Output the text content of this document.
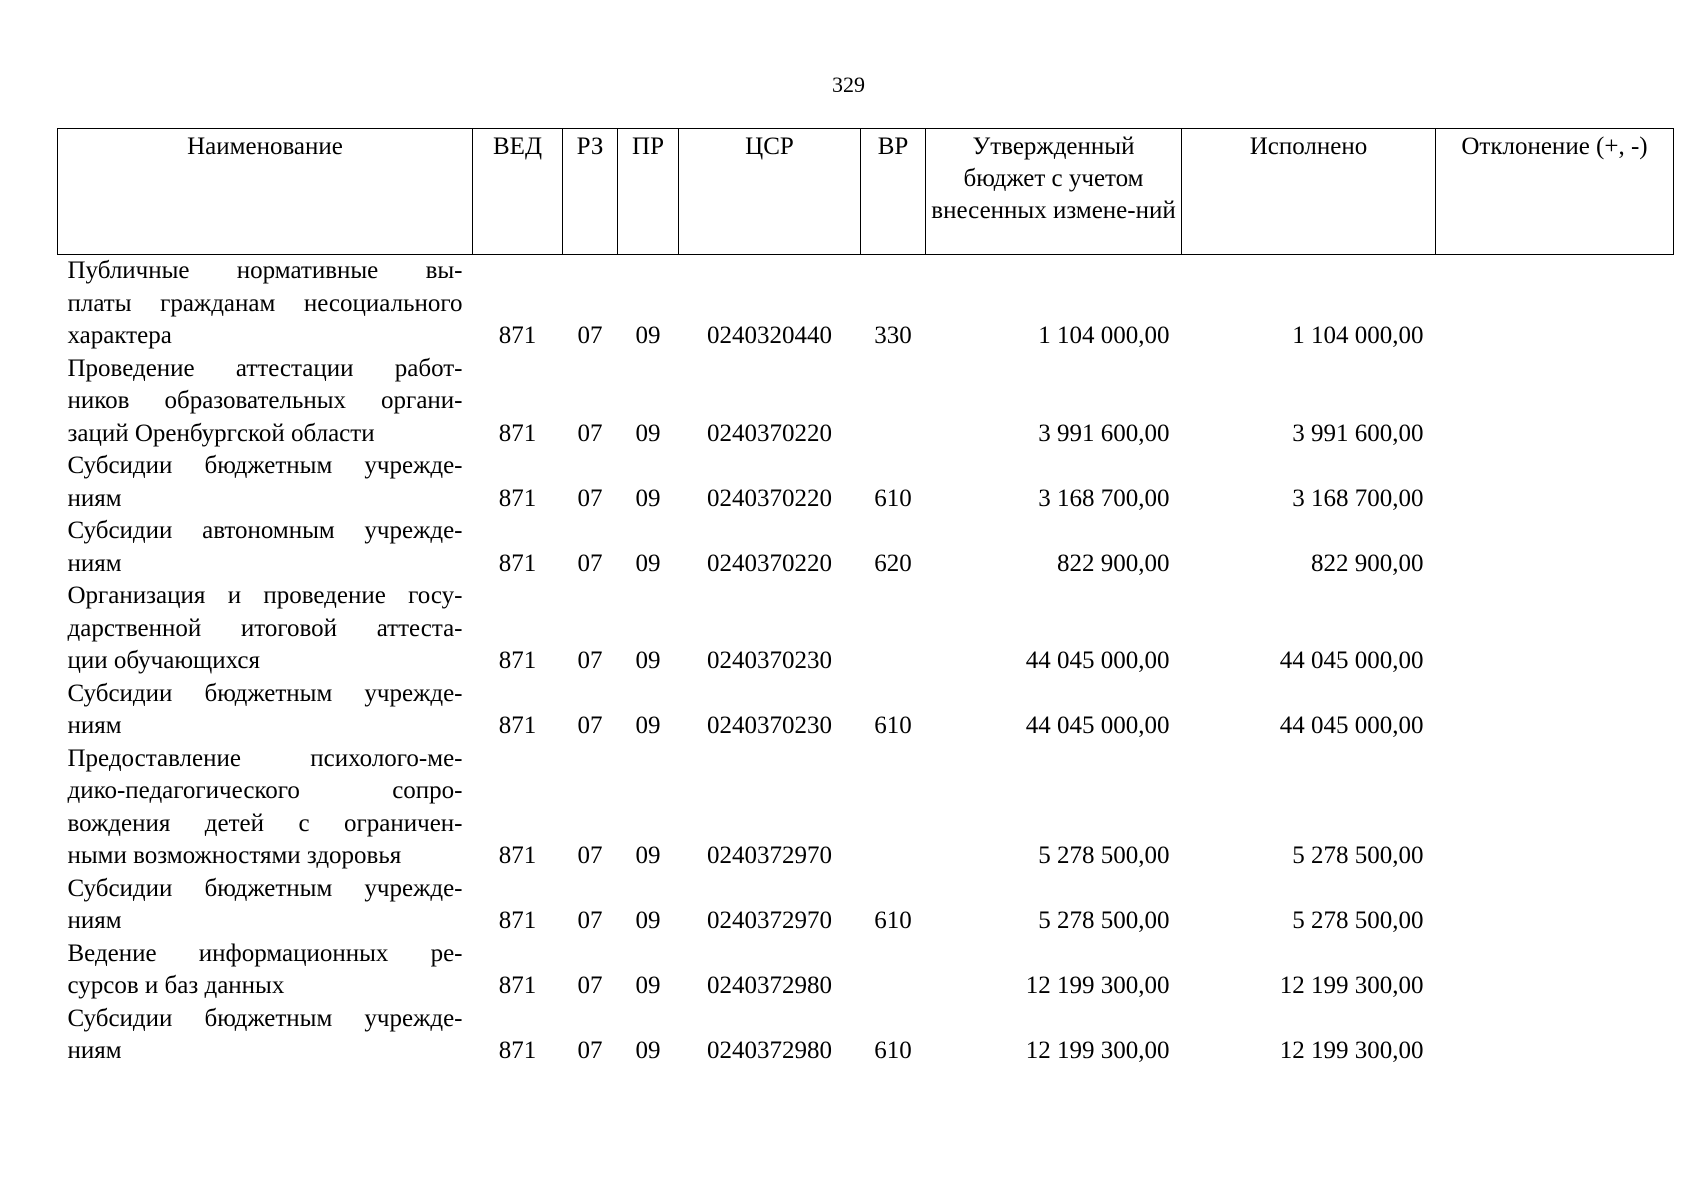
329
Наименование	ВЕД	РЗ	ПР	ЦСР	ВР	Утвержденный бюджет с учетом внесенных измене-ний	Исполнено	Отклонение (+, -)

Публичные нормативные вы-
платы гражданам несоциального
характера	871	07	09	0240320440	330	1 104 000,00	1 104 000,00	

Проведение аттестации работ-
ников образовательных органи-
заций Оренбургской области	871	07	09	0240370220		3 991 600,00	3 991 600,00	

Субсидии бюджетным учрежде-
ниям	871	07	09	0240370220	610	3 168 700,00	3 168 700,00	

Субсидии автономным учрежде-
ниям	871	07	09	0240370220	620	822 900,00	822 900,00	

Организация и проведение госу-
дарственной итоговой аттеста-
ции обучающихся	871	07	09	0240370230		44 045 000,00	44 045 000,00	

Субсидии бюджетным учрежде-
ниям	871	07	09	0240370230	610	44 045 000,00	44 045 000,00	

Предоставление психолого-ме-
дико-педагогического сопро-
вождения детей с ограничен-
ными возможностями здоровья	871	07	09	0240372970		5 278 500,00	5 278 500,00	

Субсидии бюджетным учрежде-
ниям	871	07	09	0240372970	610	5 278 500,00	5 278 500,00	

Ведение информационных ре-
сурсов и баз данных	871	07	09	0240372980		12 199 300,00	12 199 300,00	

Субсидии бюджетным учрежде-
ниям	871	07	09	0240372980	610	12 199 300,00	12 199 300,00	
